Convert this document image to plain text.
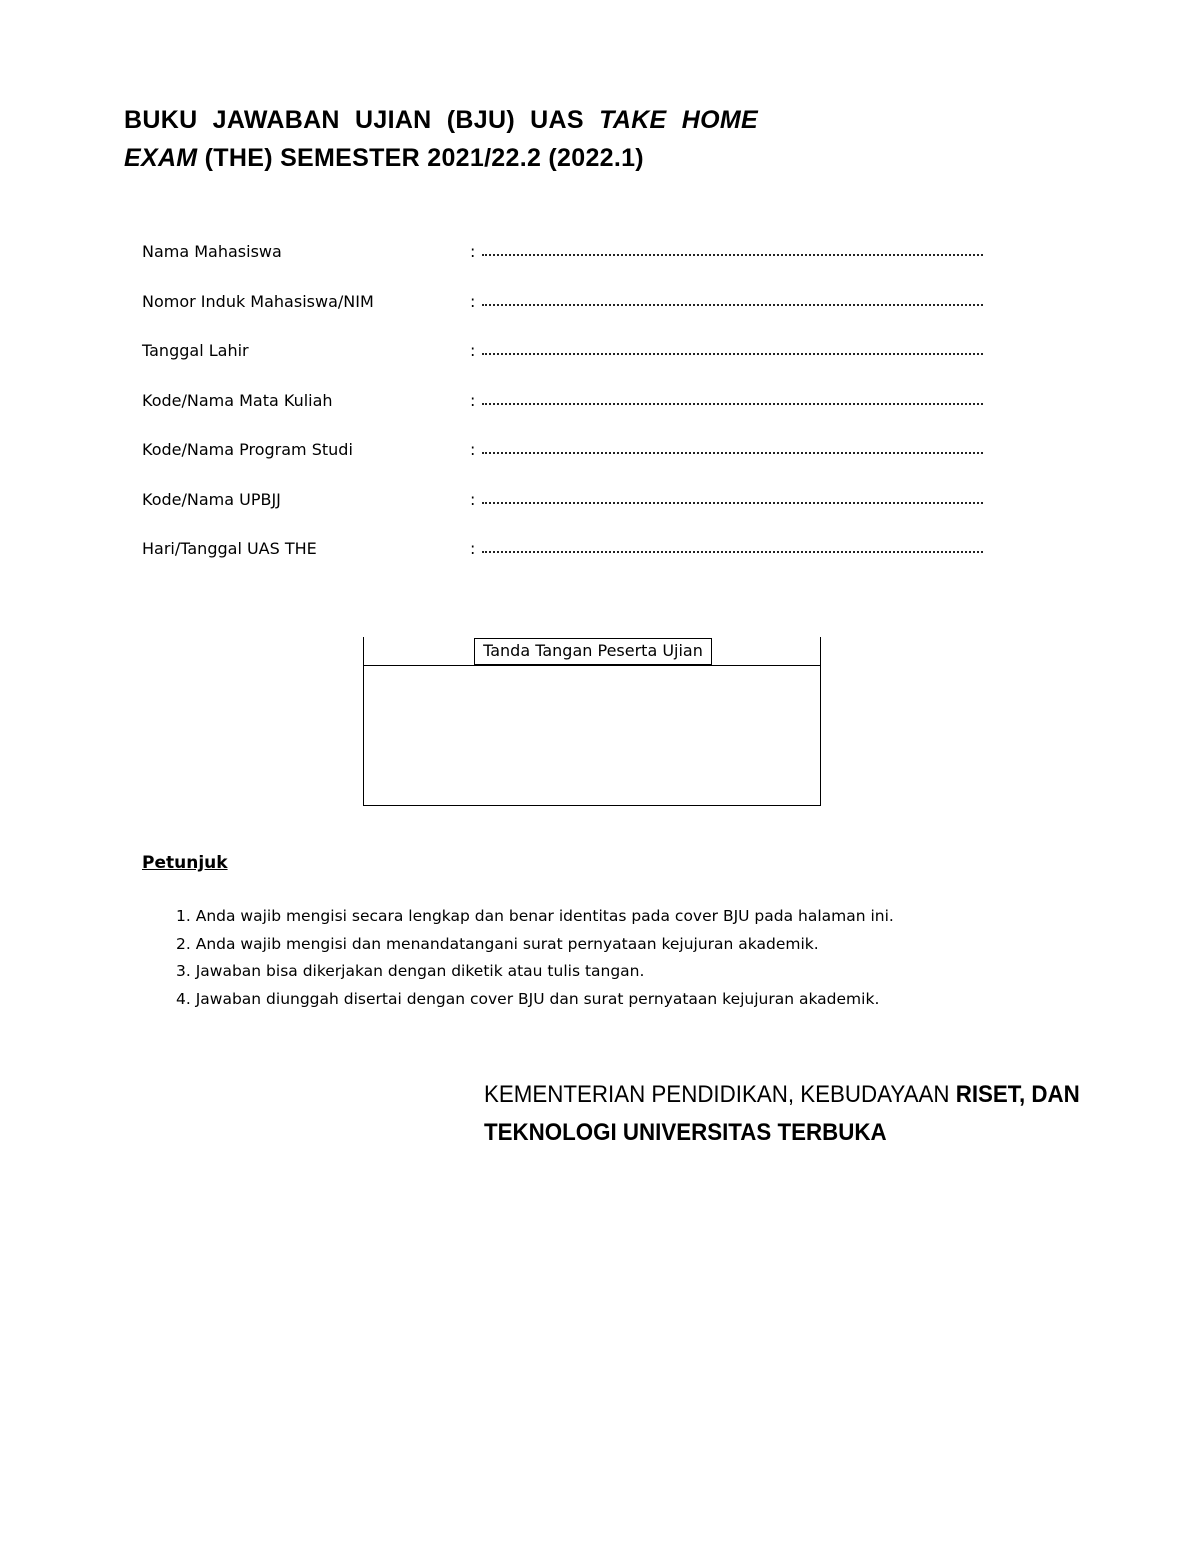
BUKU JAWABAN UJIAN (BJU) UAS TAKE HOME
EXAM (THE) SEMESTER 2021/22.2 (2022.1)
Nama Mahasiswa	:
Nomor Induk Mahasiswa/NIM	:
Tanggal Lahir	:
Kode/Nama Mata Kuliah	:
Kode/Nama Program Studi	:
Kode/Nama UPBJJ	:
Hari/Tanggal UAS THE	:
Tanda Tangan Peserta Ujian
Petunjuk
1. Anda wajib mengisi secara lengkap dan benar identitas pada cover BJU pada halaman ini.
2. Anda wajib mengisi dan menandatangani surat pernyataan kejujuran akademik.
3. Jawaban bisa dikerjakan dengan diketik atau tulis tangan.
4. Jawaban diunggah disertai dengan cover BJU dan surat pernyataan kejujuran akademik.
KEMENTERIAN PENDIDIKAN, KEBUDAYAAN RISET, DAN
TEKNOLOGI UNIVERSITAS TERBUKA
